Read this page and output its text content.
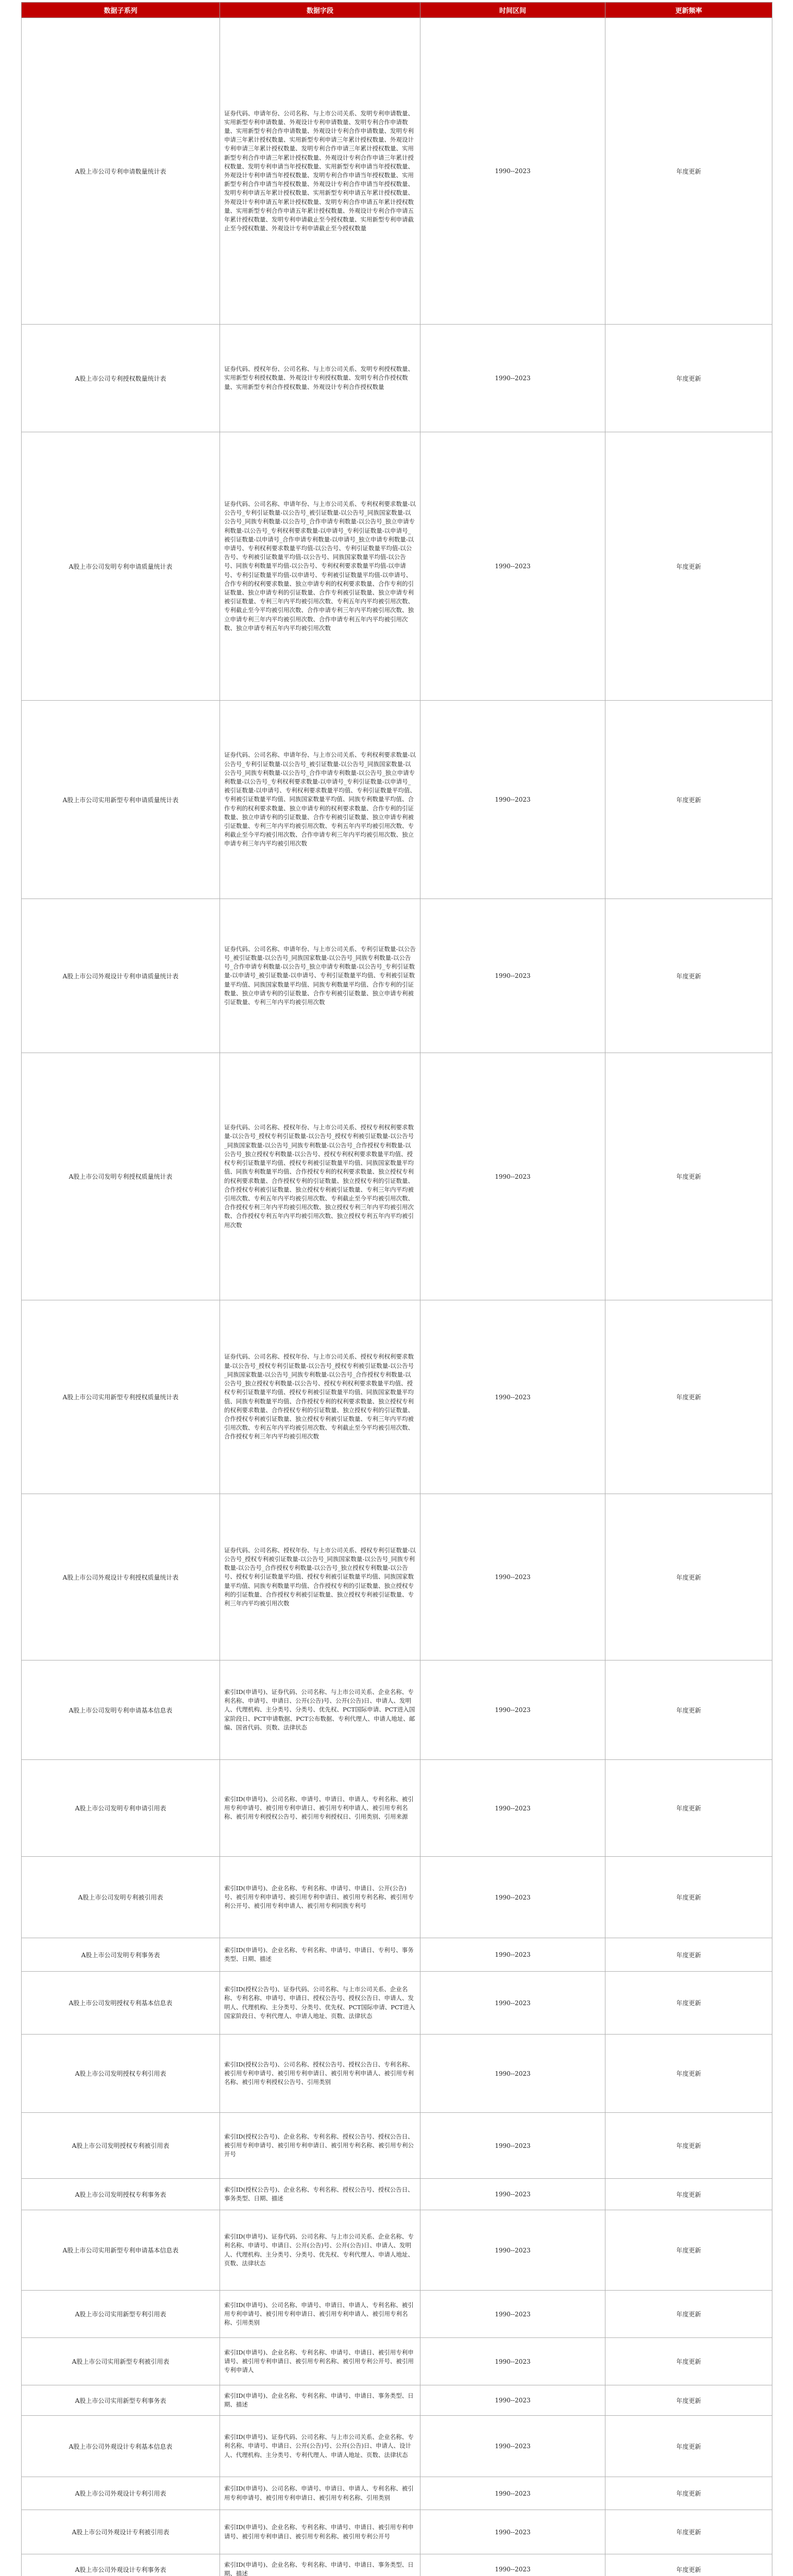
数据子系列	数据字段	时间区间	更新频率
A股上市公司专利申请数量统计表	证券代码、申请年份、公司名称、与上市公司关系、发明专利申请数量、实用新型专利申请数量、外观设计专利申请数量、发明专利合作申请数量、实用新型专利合作申请数量、外观设计专利合作申请数量、发明专利申请三年累计授权数量、实用新型专利申请三年累计授权数量、外观设计专利申请三年累计授权数量、发明专利合作申请三年累计授权数量、实用新型专利合作申请三年累计授权数量、外观设计专利合作申请三年累计授权数量、发明专利申请当年授权数量、实用新型专利申请当年授权数量、外观设计专利申请当年授权数量、发明专利合作申请当年授权数量、实用新型专利合作申请当年授权数量、外观设计专利合作申请当年授权数量、发明专利申请五年累计授权数量、实用新型专利申请五年累计授权数量、外观设计专利申请五年累计授权数量、发明专利合作申请五年累计授权数量、实用新型专利合作申请五年累计授权数量、外观设计专利合作申请五年累计授权数量、发明专利申请截止至今授权数量、实用新型专利申请截止至今授权数量、外观设计专利申请截止至今授权数量	1990--2023	年度更新
A股上市公司专利授权数量统计表	证券代码、授权年份、公司名称、与上市公司关系、发明专利授权数量、实用新型专利授权数量、外观设计专利授权数量、发明专利合作授权数量、实用新型专利合作授权数量、外观设计专利合作授权数量	1990--2023	年度更新
A股上市公司发明专利申请质量统计表	证券代码、公司名称、申请年份、与上市公司关系、专利权利要求数量-以公告号_专利引证数量-以公告号_被引证数量-以公告号_同族国家数量-以公告号_同族专利数量-以公告号_合作申请专利数量-以公告号_独立申请专利数量-以公告号_专利权利要求数量-以申请号_专利引证数量-以申请号_被引证数量-以申请号_合作申请专利数量-以申请号_独立申请专利数量-以申请号、专利权利要求数量平均值-以公告号、专利引证数量平均值-以公告号、专利被引证数量平均值-以公告号、同族国家数量平均值-以公告号、同族专利数量平均值-以公告号、专利权利要求数量平均值-以申请号、专利引证数量平均值-以申请号、专利被引证数量平均值-以申请号、合作专利的权利要求数量、独立申请专利的权利要求数量、合作专利的引证数量、独立申请专利的引证数量、合作专利被引证数量、独立申请专利被引证数量、专利三年内平均被引用次数、专利五年内平均被引用次数、专利截止至今平均被引用次数、合作申请专利三年内平均被引用次数、独立申请专利三年内平均被引用次数、合作申请专利五年内平均被引用次数、独立申请专利五年内平均被引用次数	1990--2023	年度更新
A股上市公司实用新型专利申请质量统计表	证券代码、公司名称、申请年份、与上市公司关系、专利权利要求数量-以公告号_专利引证数量-以公告号_被引证数量-以公告号_同族国家数量-以公告号_同族专利数量-以公告号_合作申请专利数量-以公告号_独立申请专利数量-以公告号_专利权利要求数量-以申请号_专利引证数量-以申请号_被引证数量-以申请号、专利权利要求数量平均值、专利引证数量平均值、专利被引证数量平均值、同族国家数量平均值、同族专利数量平均值、合作专利的权利要求数量、独立申请专利的权利要求数量、合作专利的引证数量、独立申请专利的引证数量、合作专利被引证数量、独立申请专利被引证数量、专利三年内平均被引用次数、专利五年内平均被引用次数、专利截止至今平均被引用次数、合作申请专利三年内平均被引用次数、独立申请专利三年内平均被引用次数	1990--2023	年度更新
A股上市公司外观设计专利申请质量统计表	证券代码、公司名称、申请年份、与上市公司关系、专利引证数量-以公告号_被引证数量-以公告号_同族国家数量-以公告号_同族专利数量-以公告号_合作申请专利数量-以公告号_独立申请专利数量-以公告号_专利引证数量-以申请号_被引证数量-以申请号、专利引证数量平均值、专利被引证数量平均值、同族国家数量平均值、同族专利数量平均值、合作专利的引证数量、独立申请专利的引证数量、合作专利被引证数量、独立申请专利被引证数量、专利三年内平均被引用次数	1990--2023	年度更新
A股上市公司发明专利授权质量统计表	证券代码、公司名称、授权年份、与上市公司关系、授权专利权利要求数量-以公告号_授权专利引证数量-以公告号_授权专利被引证数量-以公告号_同族国家数量-以公告号_同族专利数量-以公告号_合作授权专利数量-以公告号_独立授权专利数量-以公告号、授权专利权利要求数量平均值、授权专利引证数量平均值、授权专利被引证数量平均值、同族国家数量平均值、同族专利数量平均值、合作授权专利的权利要求数量、独立授权专利的权利要求数量、合作授权专利的引证数量、独立授权专利的引证数量、合作授权专利被引证数量、独立授权专利被引证数量、专利三年内平均被引用次数、专利五年内平均被引用次数、专利截止至今平均被引用次数、合作授权专利三年内平均被引用次数、独立授权专利三年内平均被引用次数、合作授权专利五年内平均被引用次数、独立授权专利五年内平均被引用次数	1990--2023	年度更新
A股上市公司实用新型专利授权质量统计表	证券代码、公司名称、授权年份、与上市公司关系、授权专利权利要求数量-以公告号_授权专利引证数量-以公告号_授权专利被引证数量-以公告号_同族国家数量-以公告号_同族专利数量-以公告号_合作授权专利数量-以公告号_独立授权专利数量-以公告号、授权专利权利要求数量平均值、授权专利引证数量平均值、授权专利被引证数量平均值、同族国家数量平均值、同族专利数量平均值、合作授权专利的权利要求数量、独立授权专利的权利要求数量、合作授权专利的引证数量、独立授权专利的引证数量、合作授权专利被引证数量、独立授权专利被引证数量、专利三年内平均被引用次数、专利五年内平均被引用次数、专利截止至今平均被引用次数、合作授权专利三年内平均被引用次数	1990--2023	年度更新
A股上市公司外观设计专利授权质量统计表	证券代码、公司名称、授权年份、与上市公司关系、授权专利引证数量-以公告号_授权专利被引证数量-以公告号_同族国家数量-以公告号_同族专利数量-以公告号_合作授权专利数量-以公告号_独立授权专利数量-以公告号、授权专利引证数量平均值、授权专利被引证数量平均值、同族国家数量平均值、同族专利数量平均值、合作授权专利的引证数量、独立授权专利的引证数量、合作授权专利被引证数量、独立授权专利被引证数量、专利三年内平均被引用次数	1990--2023	年度更新
A股上市公司发明专利申请基本信息表	索引ID(申请号)、证券代码、公司名称、与上市公司关系、企业名称、专利名称、申请号、申请日、公开(公告)号、公开(公告)日、申请人、发明人、代理机构、主分类号、分类号、优先权、PCT国际申请、PCT进入国家阶段日、PCT申请数据、PCT公布数据、专利代理人、申请人地址、邮编、国省代码、页数、法律状态	1990--2023	年度更新
A股上市公司发明专利申请引用表	索引ID(申请号)、公司名称、申请号、申请日、申请人、专利名称、被引用专利申请号、被引用专利申请日、被引用专利申请人、被引用专利名称、被引用专利授权公告号、被引用专利授权日、引用类别、引用来源	1990--2023	年度更新
A股上市公司发明专利被引用表	索引ID(申请号)、企业名称、专利名称、申请号、申请日、公开(公告)号、被引用专利申请号、被引用专利申请日、被引用专利名称、被引用专利公开号、被引用专利申请人、被引用专利同族专利号	1990--2023	年度更新
A股上市公司发明专利事务表	索引ID(申请号)、企业名称、专利名称、申请号、申请日、专利号、事务类型、日期、描述	1990--2023	年度更新
A股上市公司发明授权专利基本信息表	索引ID(授权公告号)、证券代码、公司名称、与上市公司关系、企业名称、专利名称、申请号、申请日、授权公告号、授权公告日、申请人、发明人、代理机构、主分类号、分类号、优先权、PCT国际申请、PCT进入国家阶段日、专利代理人、申请人地址、页数、法律状态	1990--2023	年度更新
A股上市公司发明授权专利引用表	索引ID(授权公告号)、公司名称、授权公告号、授权公告日、专利名称、被引用专利申请号、被引用专利申请日、被引用专利申请人、被引用专利名称、被引用专利授权公告号、引用类别	1990--2023	年度更新
A股上市公司发明授权专利被引用表	索引ID(授权公告号)、企业名称、专利名称、授权公告号、授权公告日、被引用专利申请号、被引用专利申请日、被引用专利名称、被引用专利公开号	1990--2023	年度更新
A股上市公司发明授权专利事务表	索引ID(授权公告号)、企业名称、专利名称、授权公告号、授权公告日、事务类型、日期、描述	1990--2023	年度更新
A股上市公司实用新型专利申请基本信息表	索引ID(申请号)、证券代码、公司名称、与上市公司关系、企业名称、专利名称、申请号、申请日、公开(公告)号、公开(公告)日、申请人、发明人、代理机构、主分类号、分类号、优先权、专利代理人、申请人地址、页数、法律状态	1990--2023	年度更新
A股上市公司实用新型专利引用表	索引ID(申请号)、公司名称、申请号、申请日、申请人、专利名称、被引用专利申请号、被引用专利申请日、被引用专利申请人、被引用专利名称、引用类别	1990--2023	年度更新
A股上市公司实用新型专利被引用表	索引ID(申请号)、企业名称、专利名称、申请号、申请日、被引用专利申请号、被引用专利申请日、被引用专利名称、被引用专利公开号、被引用专利申请人	1990--2023	年度更新
A股上市公司实用新型专利事务表	索引ID(申请号)、企业名称、专利名称、申请号、申请日、事务类型、日期、描述	1990--2023	年度更新
A股上市公司外观设计专利基本信息表	索引ID(申请号)、证券代码、公司名称、与上市公司关系、企业名称、专利名称、申请号、申请日、公开(公告)号、公开(公告)日、申请人、设计人、代理机构、主分类号、专利代理人、申请人地址、页数、法律状态	1990--2023	年度更新
A股上市公司外观设计专利引用表	索引ID(申请号)、公司名称、申请号、申请日、申请人、专利名称、被引用专利申请号、被引用专利申请日、被引用专利名称、引用类别	1990--2023	年度更新
A股上市公司外观设计专利被引用表	索引ID(申请号)、企业名称、专利名称、申请号、申请日、被引用专利申请号、被引用专利申请日、被引用专利名称、被引用专利公开号	1990--2023	年度更新
A股上市公司外观设计专利事务表	索引ID(申请号)、企业名称、专利名称、申请号、申请日、事务类型、日期、描述	1990--2023	年度更新
